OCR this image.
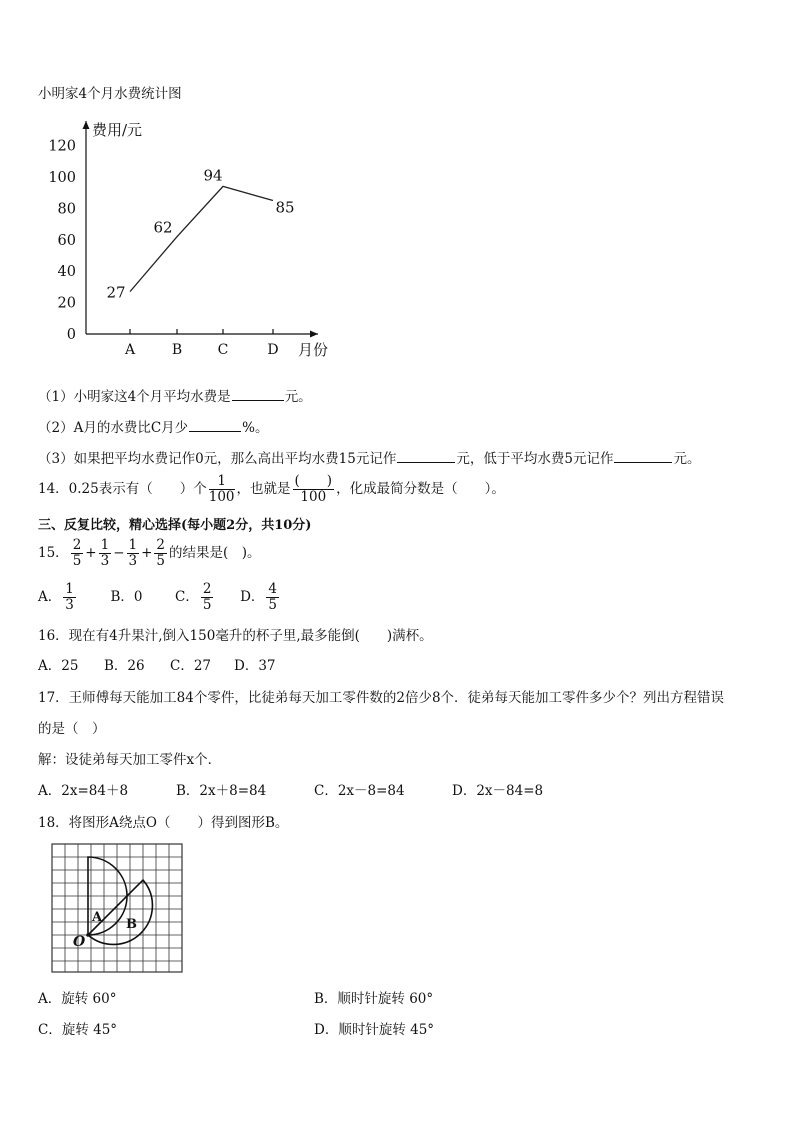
小明家4个月水费统计图
0
20
40
60
80
100
120
A	B	C	D
费用/元
月份
27
62
94
85
（1）小明家这4个月平均水费是	元。
（2）A月的水费比C月少	%。
（3）如果把平均水费记作0元，那么高出平均水费15元记作	元，低于平均水费5元记作	元。
14．0.25表示有（　　）个 $\frac{1}{100}$ ，也就是 $\frac{( )}{100}$ ，化成最简分数是（　　）。
三、反复比较，精心选择(每小题2分，共10分)
15． $\frac{2}{5} + \frac{1}{3} - \frac{1}{3} + \frac{2}{5}$ 的结果是(　)。
A． $\frac{1}{3}$	B．0 C． $\frac{2}{5}$ D． $\frac{4}{5}$
16．现在有4升果汁,倒入150毫升的杯子里,最多能倒(　　)满杯。
A．25 B．26 C．27 D．37
17．王师傅每天能加工84个零件，比徒弟每天加工零件数的2倍少8个．徒弟每天能加工零件多少个？列出方程错误
的是（　）
解：设徒弟每天加工零件x个．
A．2x=84＋8	B．2x＋8=84	C．2x－8=84	D．2x－84=8
18．将图形A绕点O（　　）得到图形B。
A B
O
A．旋转 60°	B．顺时针旋转 60°
C．旋转 45°	D．顺时针旋转 45°
